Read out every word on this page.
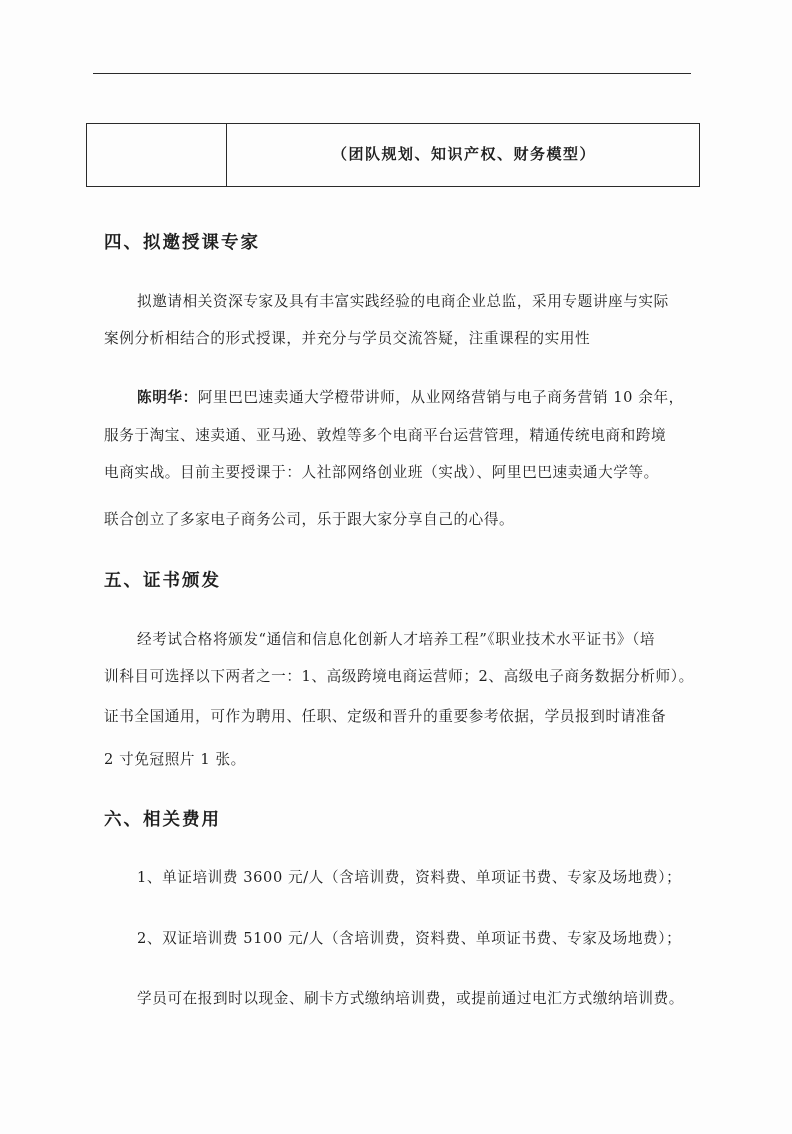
（团队规划、知识产权、财务模型）
四、拟邀授课专家
拟邀请相关资深专家及具有丰富实践经验的电商企业总监，采用专题讲座与实际
案例分析相结合的形式授课，并充分与学员交流答疑，注重课程的实用性
陈明华：阿里巴巴速卖通大学橙带讲师，从业网络营销与电子商务营销 10 余年，
服务于淘宝、速卖通、亚马逊、敦煌等多个电商平台运营管理，精通传统电商和跨境
电商实战。目前主要授课于：人社部网络创业班（实战）、阿里巴巴速卖通大学等。
联合创立了多家电子商务公司，乐于跟大家分享自己的心得。
五、证书颁发
经考试合格将颁发“通信和信息化创新人才培养工程”《职业技术水平证书》（培
训科目可选择以下两者之一：1、高级跨境电商运营师；2、高级电子商务数据分析师）。
证书全国通用，可作为聘用、任职、定级和晋升的重要参考依据，学员报到时请准备
2 寸免冠照片 1 张。
六、相关费用
1、单证培训费 3600 元/人（含培训费，资料费、单项证书费、专家及场地费）；
2、双证培训费 5100 元/人（含培训费，资料费、单项证书费、专家及场地费）；
学员可在报到时以现金、刷卡方式缴纳培训费，或提前通过电汇方式缴纳培训费。
